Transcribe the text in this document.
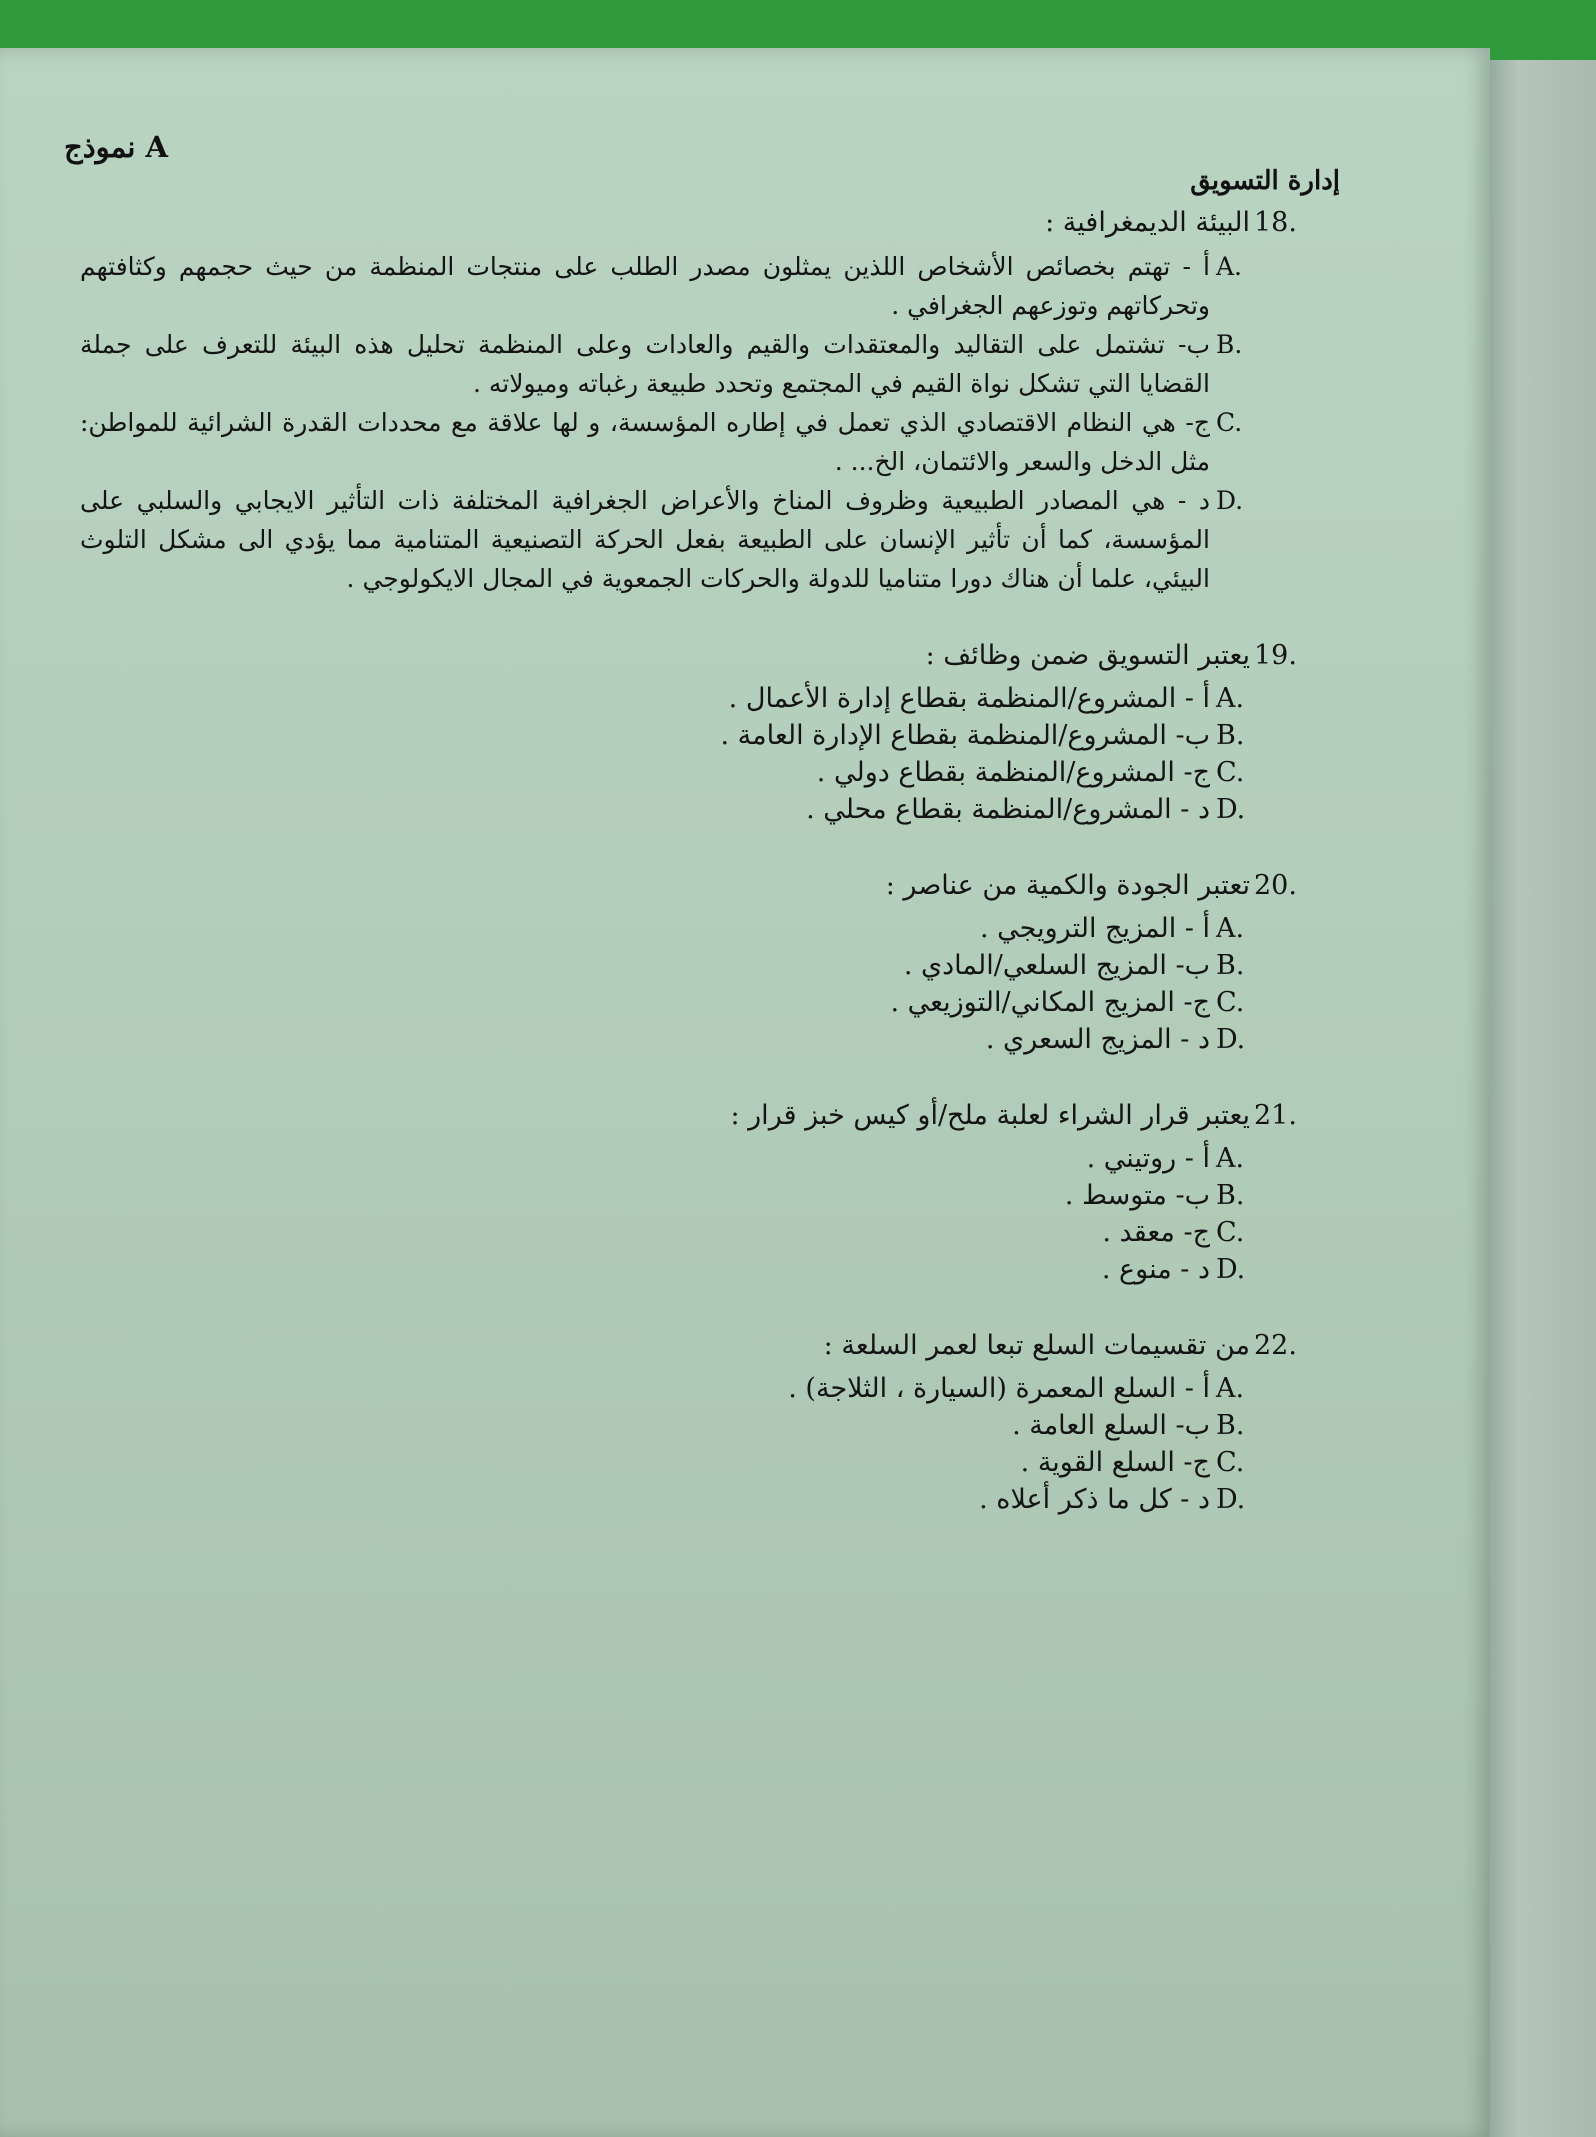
نموذج A
إدارة التسويق
18.
البيئة الديمغرافية :
A.
أ - تهتم بخصائص الأشخاص اللذين يمثلون مصدر الطلب على منتجات المنظمة من حيث حجمهم وكثافتهم وتحركاتهم وتوزعهم الجغرافي .
B.
ب- تشتمل على التقاليد والمعتقدات والقيم والعادات وعلى المنظمة تحليل هذه البيئة للتعرف على جملة القضايا التي تشكل نواة القيم في المجتمع وتحدد طبيعة رغباته وميولاته .
C.
ج- هي النظام الاقتصادي الذي تعمل في إطاره المؤسسة، و لها علاقة مع محددات القدرة الشرائية للمواطن: مثل الدخل والسعر والائتمان، الخ... .
D.
د - هي المصادر الطبيعية وظروف المناخ والأعراض الجغرافية المختلفة ذات التأثير الايجابي والسلبي على المؤسسة، كما أن تأثير الإنسان على الطبيعة بفعل الحركة التصنيعية المتنامية مما يؤدي الى مشكل التلوث البيئي، علما أن هناك دورا متناميا للدولة والحركات الجمعوية في المجال الايكولوجي .
19.
يعتبر التسويق ضمن وظائف :
A.
أ - المشروع/المنظمة بقطاع إدارة الأعمال .
B.
ب- المشروع/المنظمة بقطاع الإدارة العامة .
C.
ج- المشروع/المنظمة بقطاع دولي .
D.
د - المشروع/المنظمة بقطاع محلي .
20.
تعتبر الجودة والكمية من عناصر :
A.
أ - المزيج الترويجي .
B.
ب- المزيج السلعي/المادي .
C.
ج- المزيج المكاني/التوزيعي .
D.
د - المزيج السعري .
21.
يعتبر قرار الشراء لعلبة ملح/أو كيس خبز قرار :
A.
أ - روتيني .
B.
ب- متوسط .
C.
ج- معقد .
D.
د - منوع .
22.
من تقسيمات السلع تبعا لعمر السلعة :
A.
أ - السلع المعمرة (السيارة ، الثلاجة) .
B.
ب- السلع العامة .
C.
ج- السلع القوية .
D.
د - كل ما ذكر أعلاه .
